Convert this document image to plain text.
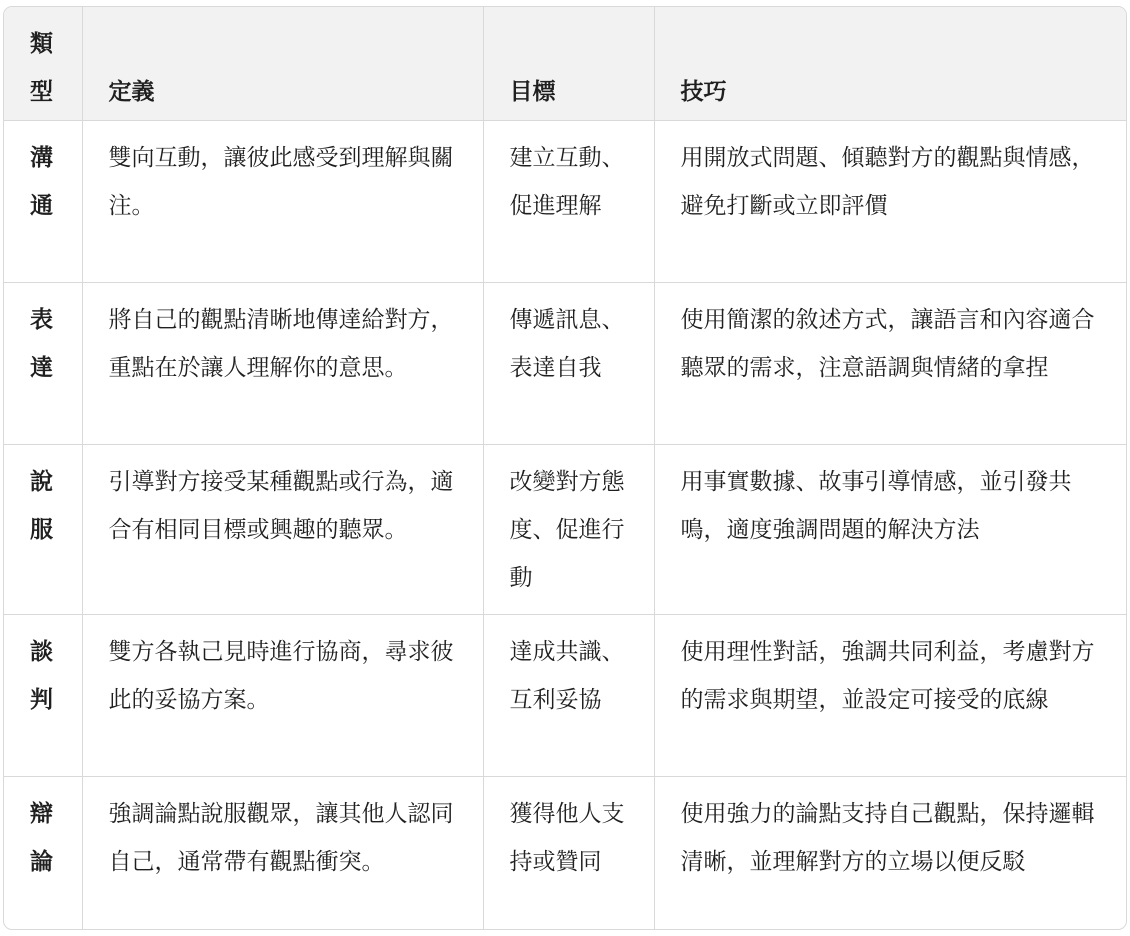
類型	定義	目標	技巧
溝通	雙向互動，讓彼此感受到理解與關注。	建立互動、促進理解	用開放式問題、傾聽對方的觀點與情感，避免打斷或立即評價
表達	將自己的觀點清晰地傳達給對方，重點在於讓人理解你的意思。	傳遞訊息、表達自我	使用簡潔的敘述方式，讓語言和內容適合聽眾的需求，注意語調與情緒的拿捏
說服	引導對方接受某種觀點或行為，適合有相同目標或興趣的聽眾。	改變對方態度、促進行動	用事實數據、故事引導情感，並引發共鳴，適度強調問題的解決方法
談判	雙方各執己見時進行協商，尋求彼此的妥協方案。	達成共識、互利妥協	使用理性對話，強調共同利益，考慮對方的需求與期望，並設定可接受的底線
辯論	強調論點說服觀眾，讓其他人認同自己，通常帶有觀點衝突。	獲得他人支持或贊同	使用強力的論點支持自己觀點，保持邏輯清晰，並理解對方的立場以便反駁
